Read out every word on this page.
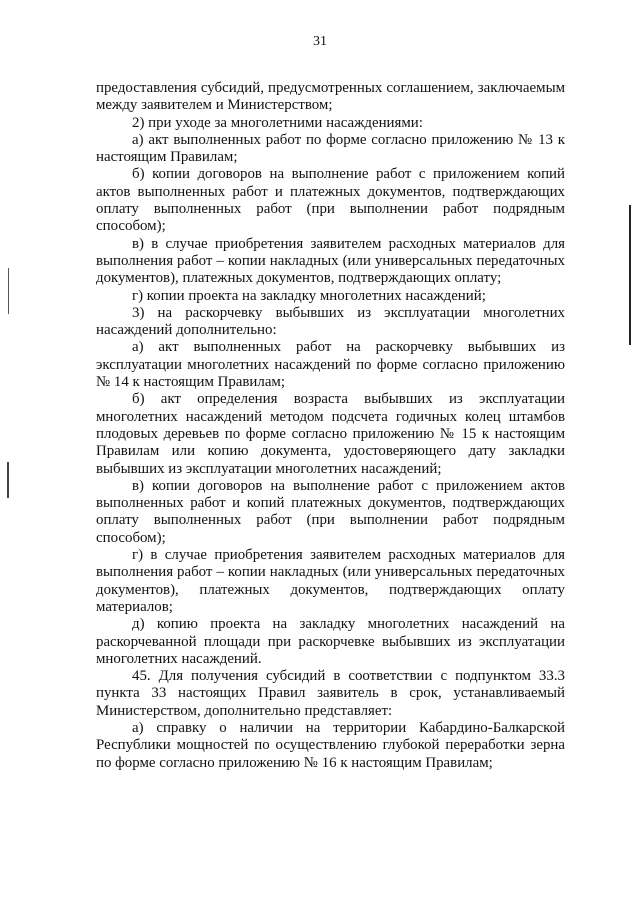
31

предоставления субсидий, предусмотренных соглашением, заключаемым между заявителем и Министерством;

2) при уходе за многолетними насаждениями:

а) акт выполненных работ по форме согласно приложению № 13 к настоящим Правилам;

б) копии договоров на выполнение работ с приложением копий актов выполненных работ и платежных документов, подтверждающих оплату выполненных работ (при выполнении работ подрядным способом);

в) в случае приобретения заявителем расходных материалов для выполнения работ – копии накладных (или универсальных передаточных документов), платежных документов, подтверждающих оплату;

г) копии проекта на закладку многолетних насаждений;

3) на раскорчевку выбывших из эксплуатации многолетних насаждений дополнительно:

а) акт выполненных работ на раскорчевку выбывших из эксплуатации многолетних насаждений по форме согласно приложению № 14 к настоящим Правилам;

б) акт определения возраста выбывших из эксплуатации многолетних насаждений методом подсчета годичных колец штамбов плодовых деревьев по форме согласно приложению № 15 к настоящим Правилам или копию документа, удостоверяющего дату закладки выбывших из эксплуатации многолетних насаждений;

в) копии договоров на выполнение работ с приложением актов выполненных работ и копий платежных документов, подтверждающих оплату выполненных работ (при выполнении работ подрядным способом);

г) в случае приобретения заявителем расходных материалов для выполнения работ – копии накладных (или универсальных передаточных документов), платежных документов, подтверждающих оплату материалов;

д) копию проекта на закладку многолетних насаждений на раскорчеванной площади при раскорчевке выбывших из эксплуатации многолетних насаждений.

45. Для получения субсидий в соответствии с подпунктом 33.3 пункта 33 настоящих Правил заявитель в срок, устанавливаемый Министерством, дополнительно представляет:

а) справку о наличии на территории Кабардино-Балкарской Республики мощностей по осуществлению глубокой переработки зерна по форме согласно приложению № 16 к настоящим Правилам;
